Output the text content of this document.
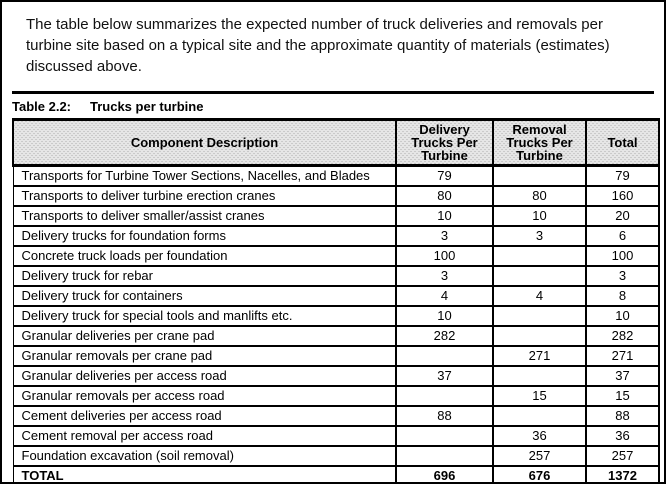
The table below summarizes the expected number of truck deliveries and removals per turbine site based on a typical site and the approximate quantity of materials (estimates) discussed above.

Table 2.2:	Trucks per turbine
Component Description	Delivery Trucks Per Turbine	Removal Trucks Per Turbine	Total
Transports for Turbine Tower Sections, Nacelles, and Blades	79		79
Transports to deliver turbine erection cranes	80	80	160
Transports to deliver smaller/assist cranes	10	10	20
Delivery trucks for foundation forms	3	3	6
Concrete truck loads per foundation	100		100
Delivery truck for rebar	3		3
Delivery truck for containers	4	4	8
Delivery truck for special tools and manlifts etc.	10		10
Granular deliveries per crane pad	282		282
Granular removals per crane pad		271	271
Granular deliveries per access road	37		37
Granular removals per access road		15	15
Cement deliveries per access road	88		88
Cement removal per access road		36	36
Foundation excavation (soil removal)		257	257
TOTAL	696	676	1372
